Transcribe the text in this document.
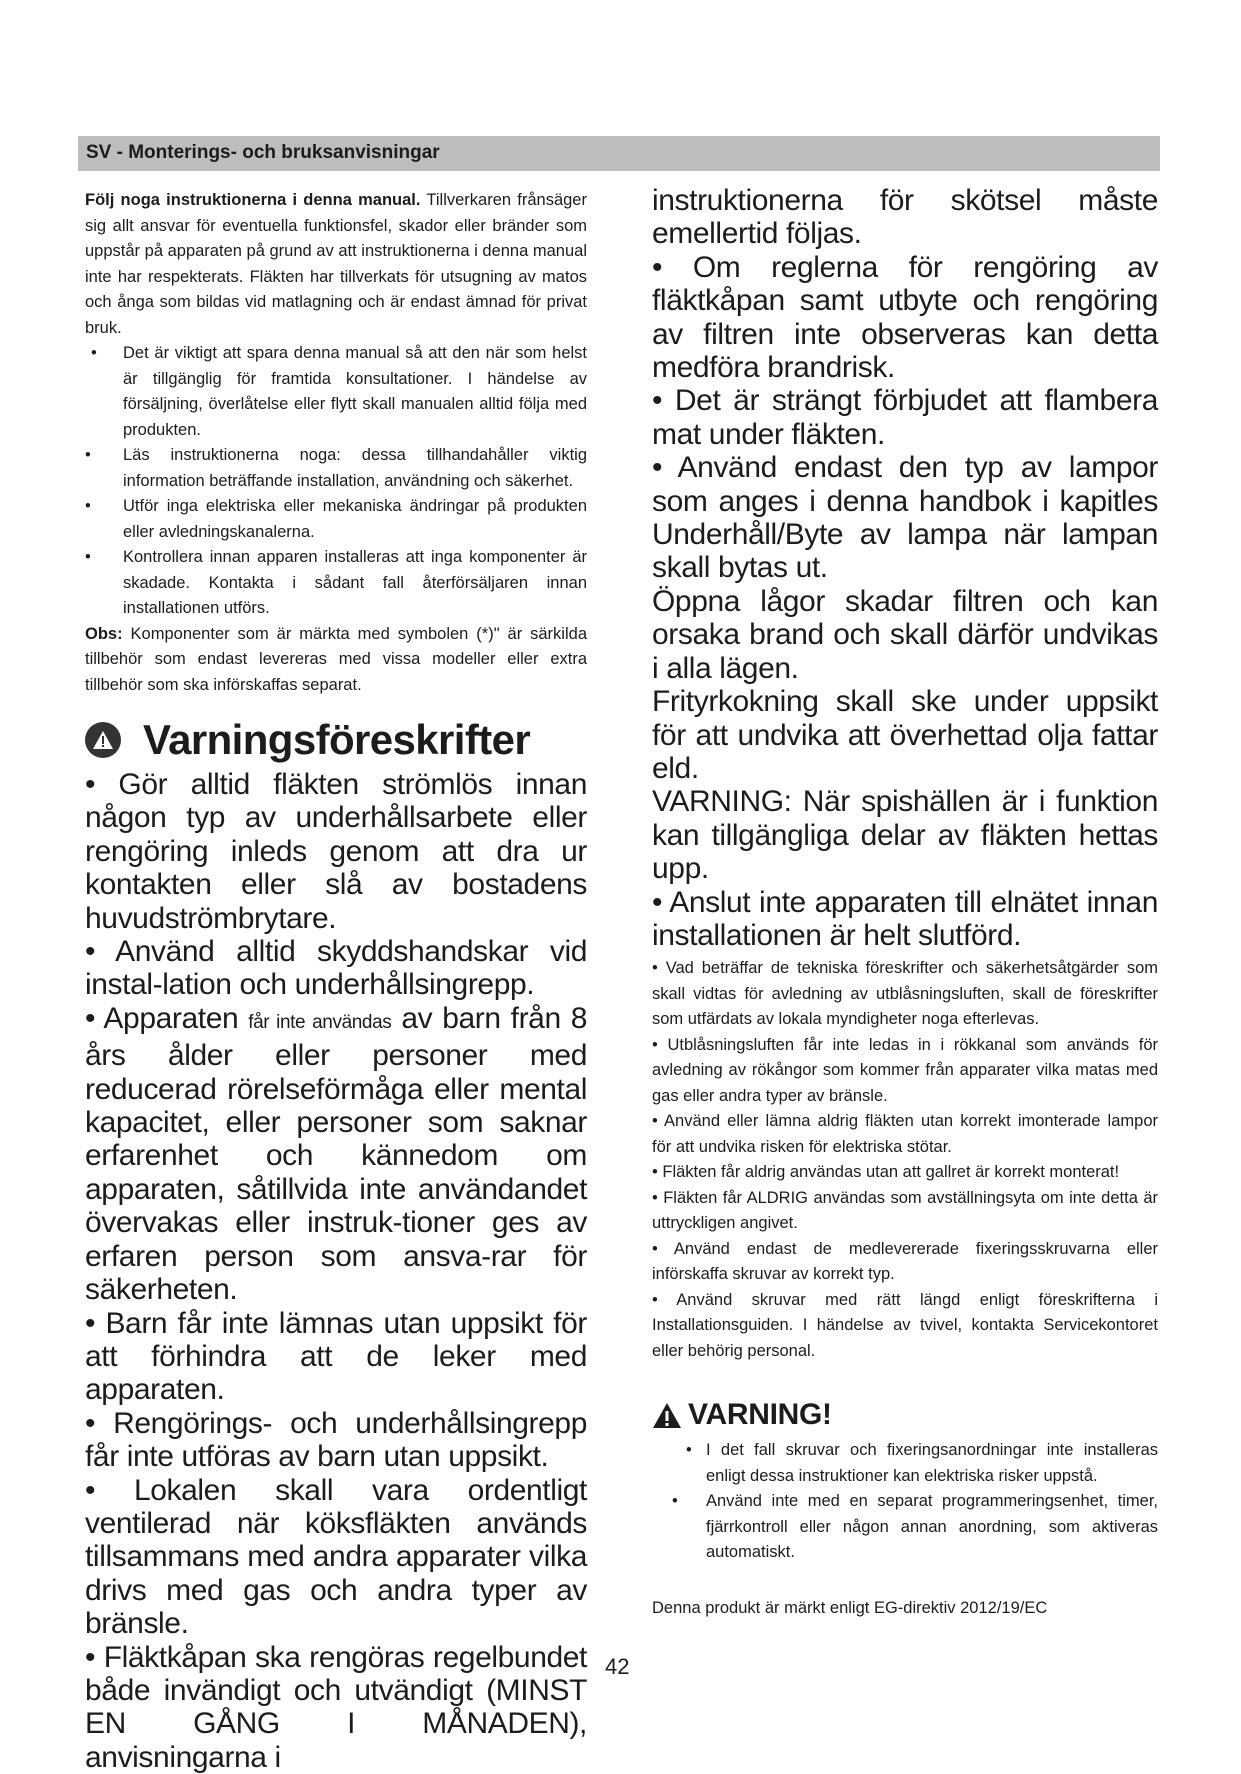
SV - Monterings- och bruksanvisningar

Följ noga instruktionerna i denna manual. Tillverkaren frånsäger sig allt ansvar för eventuella funktionsfel, skador eller bränder som uppstår på apparaten på grund av att instruktionerna i denna manual inte har respekterats. Fläkten har tillverkats för utsugning av matos och ånga som bildas vid matlagning och är endast ämnad för privat bruk.

• Det är viktigt att spara denna manual så att den när som helst är tillgänglig för framtida konsultationer. I händelse av försäljning, överlåtelse eller flytt skall manualen alltid följa med produkten.

• Läs instruktionerna noga: dessa tillhandahåller viktig information beträffande installation, användning och säkerhet.

• Utför inga elektriska eller mekaniska ändringar på produkten eller avledningskanalerna.

• Kontrollera innan apparen installeras att inga komponenter är skadade. Kontakta i sådant fall återförsäljaren innan installationen utförs.

Obs: Komponenter som är märkta med symbolen (*)" är särkilda tillbehör som endast levereras med vissa modeller eller extra tillbehör som ska införskaffas separat.

Varningsföreskrifter

• Gör alltid fläkten strömlös innan någon typ av underhållsarbete eller rengöring inleds genom att dra ur kontakten eller slå av bostadens huvudströmbrytare.

• Använd alltid skyddshandskar vid instal-lation och underhållsingrepp.

• Apparaten får inte användas av barn från 8 års ålder eller personer med reducerad rörelseförmåga eller mental kapacitet, eller personer som saknar erfarenhet och kännedom om apparaten, såtillvida inte användandet övervakas eller instruk-tioner ges av erfaren person som ansva-rar för säkerheten.

• Barn får inte lämnas utan uppsikt för att förhindra att de leker med apparaten.

• Rengörings- och underhållsingrepp får inte utföras av barn utan uppsikt.

• Lokalen skall vara ordentligt ventilerad när köksfläkten används tillsammans med andra apparater vilka drivs med gas och andra typer av bränsle.

• Fläktkåpan ska rengöras regelbundet både invändigt och utvändigt (MINST EN GÅNG I MÅNADEN), anvisningarna i

instruktionerna för skötsel måste emellertid följas.

• Om reglerna för rengöring av fläktkåpan samt utbyte och rengöring av filtren inte observeras kan detta medföra brandrisk.

• Det är strängt förbjudet att flambera mat under fläkten.

• Använd endast den typ av lampor som anges i denna handbok i kapitles Underhåll/Byte av lampa när lampan skall bytas ut.

Öppna lågor skadar filtren och kan orsaka brand och skall därför undvikas i alla lägen.

Frityrkokning skall ske under uppsikt för att undvika att överhettad olja fattar eld.

VARNING: När spishällen är i funktion kan tillgängliga delar av fläkten hettas upp.

• Anslut inte apparaten till elnätet innan installationen är helt slutförd.

• Vad beträffar de tekniska föreskrifter och säkerhetsåtgärder som skall vidtas för avledning av utblåsningsluften, skall de föreskrifter som utfärdats av lokala myndigheter noga efterlevas.

• Utblåsningsluften får inte ledas in i rökkanal som används för avledning av rökångor som kommer från apparater vilka matas med gas eller andra typer av bränsle.

• Använd eller lämna aldrig fläkten utan korrekt imonterade lampor för att undvika risken för elektriska stötar.

• Fläkten får aldrig användas utan att gallret är korrekt monterat!

• Fläkten får ALDRIG användas som avställningsyta om inte detta är uttryckligen angivet.

• Använd endast de medlevererade fixeringsskruvarna eller införskaffa skruvar av korrekt typ.

• Använd skruvar med rätt längd enligt föreskrifterna i Installationsguiden. I händelse av tvivel, kontakta Servicekontoret eller behörig personal.

VARNING!

• I det fall skruvar och fixeringsanordningar inte installeras enligt dessa instruktioner kan elektriska risker uppstå.

• Använd inte med en separat programmeringsenhet, timer, fjärrkontroll eller någon annan anordning, som aktiveras automatiskt.

Denna produkt är märkt enligt EG-direktiv 2012/19/EC

42
